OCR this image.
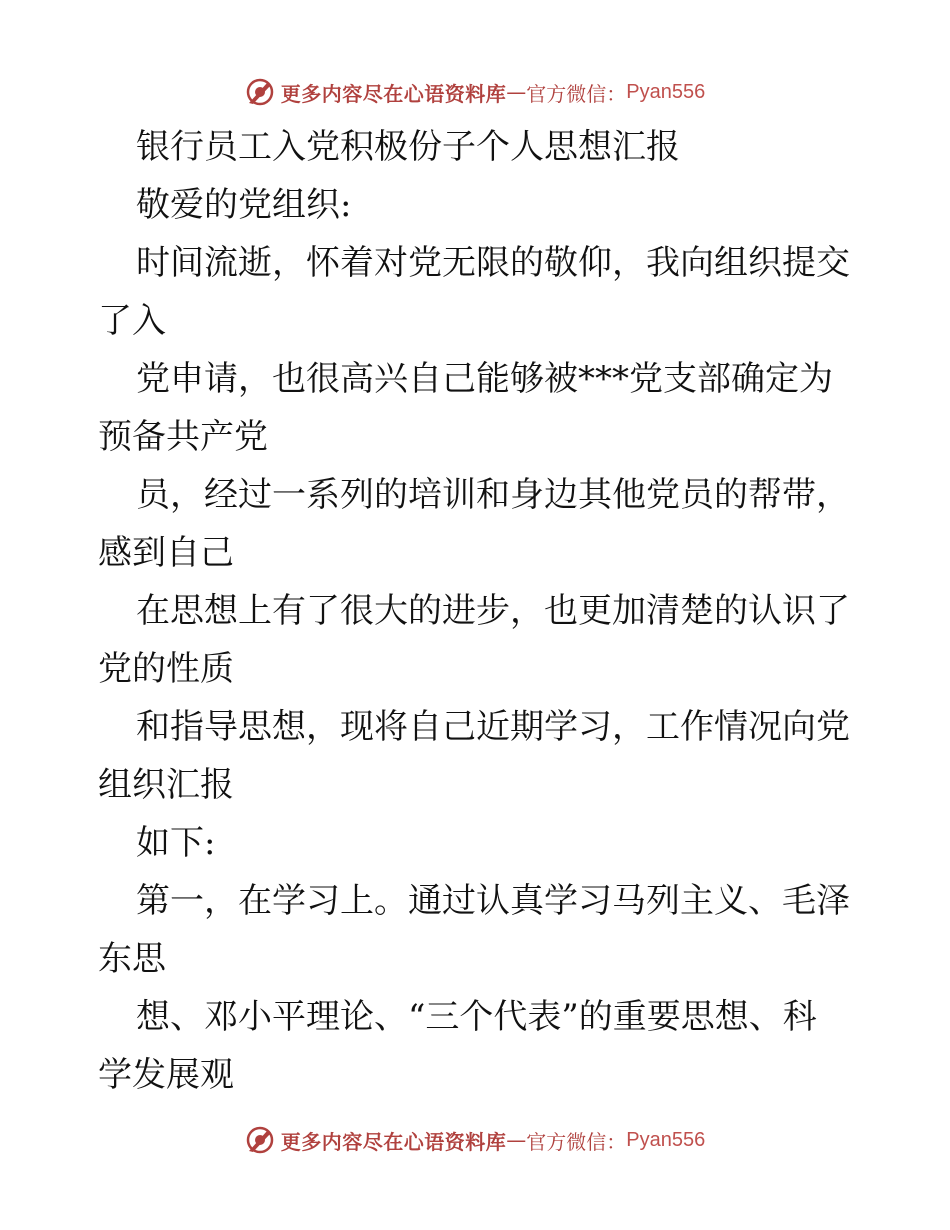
更多内容尽在心语资料库 — 官方微信： Pyan556
银行员工入党积极份子个人思想汇报
敬爱的党组织:
时间流逝，怀着对党无限的敬仰，我向组织提交
了入
党申请，也很高兴自己能够被***党支部确定为
预备共产党
员，经过一系列的培训和身边其他党员的帮带，
感到自己
在思想上有了很大的进步，也更加清楚的认识了
党的性质
和指导思想，现将自己近期学习，工作情况向党
组织汇报
如下:
第一，在学习上。通过认真学习马列主义、毛泽
东思
想、邓小平理论、“三个代表”的重要思想、科
学发展观
更多内容尽在心语资料库 — 官方微信： Pyan556
